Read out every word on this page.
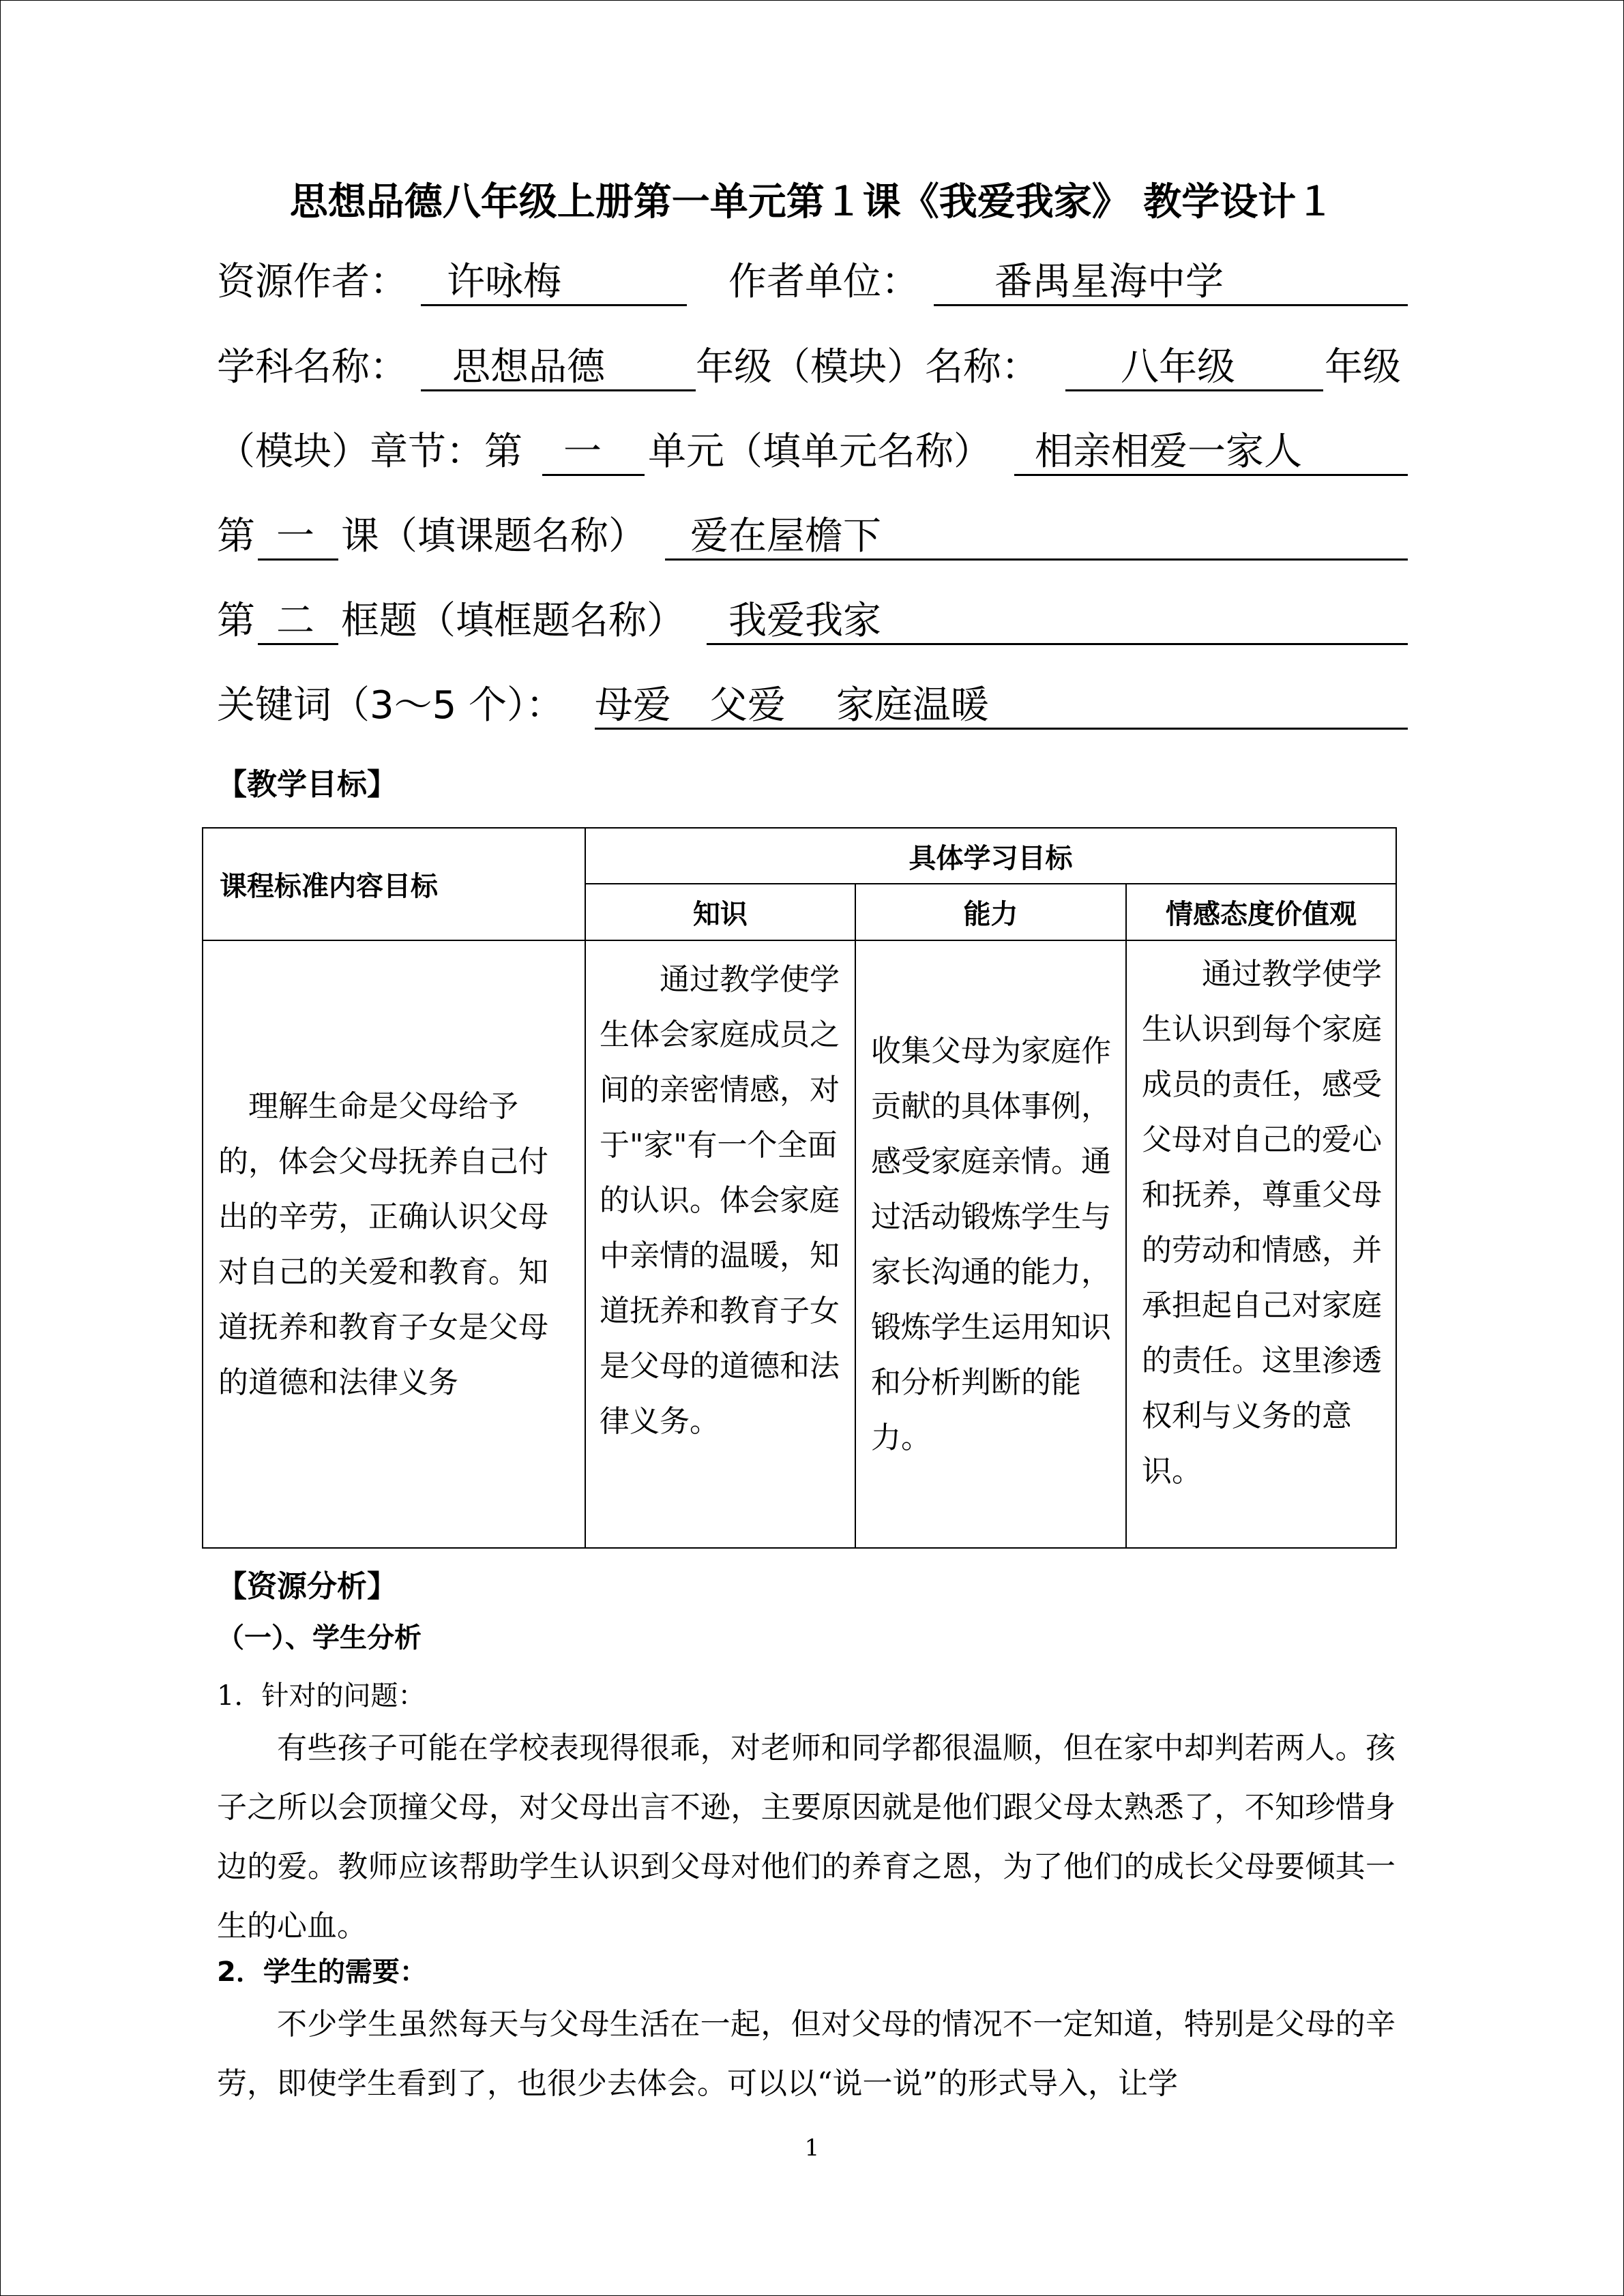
思想品德八年级上册第一单元第１课《我爱我家》 教学设计１
资源作者： 许咏梅	作者单位： 番禺星海中学
学科名称： 思想品德 年级（模块）名称： 八年级 年级
（模块）章节：第 一 单元（填单元名称） 相亲相爱一家人
第 一 课（填课题名称） 爱在屋檐下
第 二 框题（填框题名称） 我爱我家
关键词（3～5 个）： 母爱　父爱　 家庭温暖
【教学目标】
课程标准内容目标	具体学习目标		
	知识	能力	情感态度价值观

理解生命是父母给予的，体会父母抚养自己付出的辛劳，正确认识父母对自己的关爱和教育。知道抚养和教育子女是父母的道德和法律义务	通过教学使学生体会家庭成员之间的亲密情感，对于"家"有一个全面的认识。体会家庭中亲情的温暖，知道抚养和教育子女是父母的道德和法律义务。	收集父母为家庭作贡献的具体事例，感受家庭亲情。通过活动锻炼学生与家长沟通的能力，锻炼学生运用知识和分析判断的能力。	通过教学使学生认识到每个家庭成员的责任，感受父母对自己的爱心和抚养，尊重父母的劳动和情感，并承担起自己对家庭的责任。这里渗透权利与义务的意识。
【资源分析】
（一）、学生分析
1．针对的问题：
有些孩子可能在学校表现得很乖，对老师和同学都很温顺，但在家中却判若两人。孩子之所以会顶撞父母，对父母出言不逊，主要原因就是他们跟父母太熟悉了，不知珍惜身边的爱。教师应该帮助学生认识到父母对他们的养育之恩，为了他们的成长父母要倾其一生的心血。
2．学生的需要：
不少学生虽然每天与父母生活在一起，但对父母的情况不一定知道，特别是父母的辛劳，即使学生看到了，也很少去体会。可以以“说一说”的形式导入，让学
1
